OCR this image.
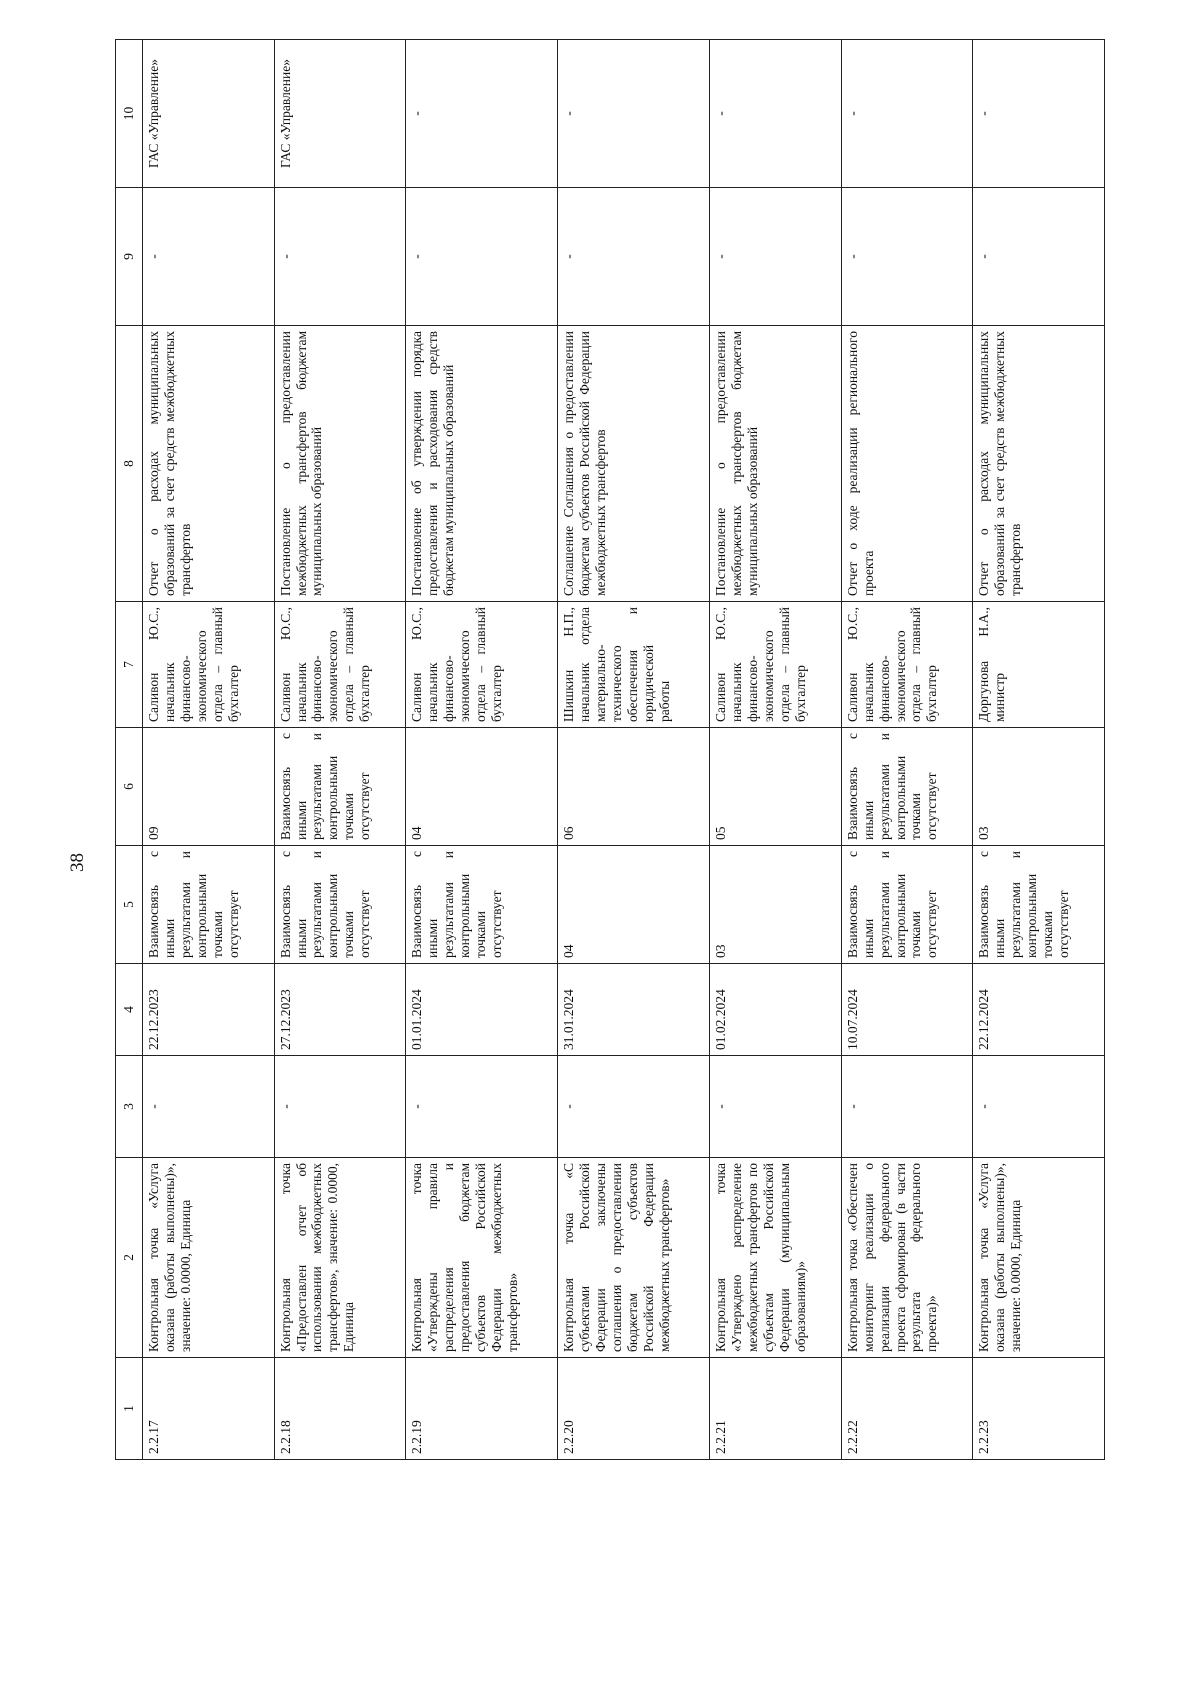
38
1	2	3	4	5	6	7	8	9	10
2.2.17	Контрольная точка «Услуга оказана (работы выполнены)», значение: 0.0000, Единица	-	22.12.2023	Взаимосвязь с иными результатами и контрольными точками отсутствует	09	Саливон Ю.С., начальник финансово-экономического отдела – главный бухгалтер	Отчет о расходах муниципальных образований за счет средств межбюджетных трансфертов	-	ГАС «Управление»
2.2.18	Контрольная точка «Предоставлен отчет об использовании межбюджетных трансфертов», значение: 0.0000, Единица	-	27.12.2023	Взаимосвязь с иными результатами и контрольными точками отсутствует	Взаимосвязь с иными результатами и контрольными точками отсутствует	Саливон Ю.С., начальник финансово-экономического отдела – главный бухгалтер	Постановление о предоставлении межбюджетных трансфертов бюджетам муниципальных образований	-	ГАС «Управление»
2.2.19	Контрольная точка «Утверждены правила распределения и предоставления бюджетам субъектов Российской Федерации межбюджетных трансфертов»	-	01.01.2024	Взаимосвязь с иными результатами и контрольными точками отсутствует	04	Саливон Ю.С., начальник финансово-экономического отдела – главный бухгалтер	Постановление об утверждении порядка предоставления и расходования средств бюджетам муниципальных образований	-	-
2.2.20	Контрольная точка «С субъектами Российской Федерации заключены соглашения о предоставлении бюджетам субъектов Российской Федерации межбюджетных трансфертов»	-	31.01.2024	04	06	Шишкин Н.П., начальник отдела материально-технического обеспечения и юридической работы	Соглашение Соглашения о предоставлении бюджетам субъектов Российской Федерации межбюджетных трансфертов	-	-
2.2.21	Контрольная точка «Утверждено распределение межбюджетных трансфертов по субъектам Российской Федерации (муниципальным образованиям)»	-	01.02.2024	03	05	Саливон Ю.С., начальник финансово-экономического отдела – главный бухгалтер	Постановление о предоставлении межбюджетных трансфертов бюджетам муниципальных образований	-	-
2.2.22	Контрольная точка «Обеспечен мониторинг реализации о реализации федерального проекта сформирован (в части результата федерального проекта)»	-	10.07.2024	Взаимосвязь с иными результатами и контрольными точками отсутствует	Взаимосвязь с иными результатами и контрольными точками отсутствует	Саливон Ю.С., начальник финансово-экономического отдела – главный бухгалтер	Отчет о ходе реализации регионального проекта	-	-
2.2.23	Контрольная точка «Услуга оказана (работы выполнены)», значение: 0.0000, Единица	-	22.12.2024	Взаимосвязь с иными результатами и контрольными точками отсутствует	03	Доргунова Н.А., министр	Отчет о расходах муниципальных образований за счет средств межбюджетных трансфертов	-	-
